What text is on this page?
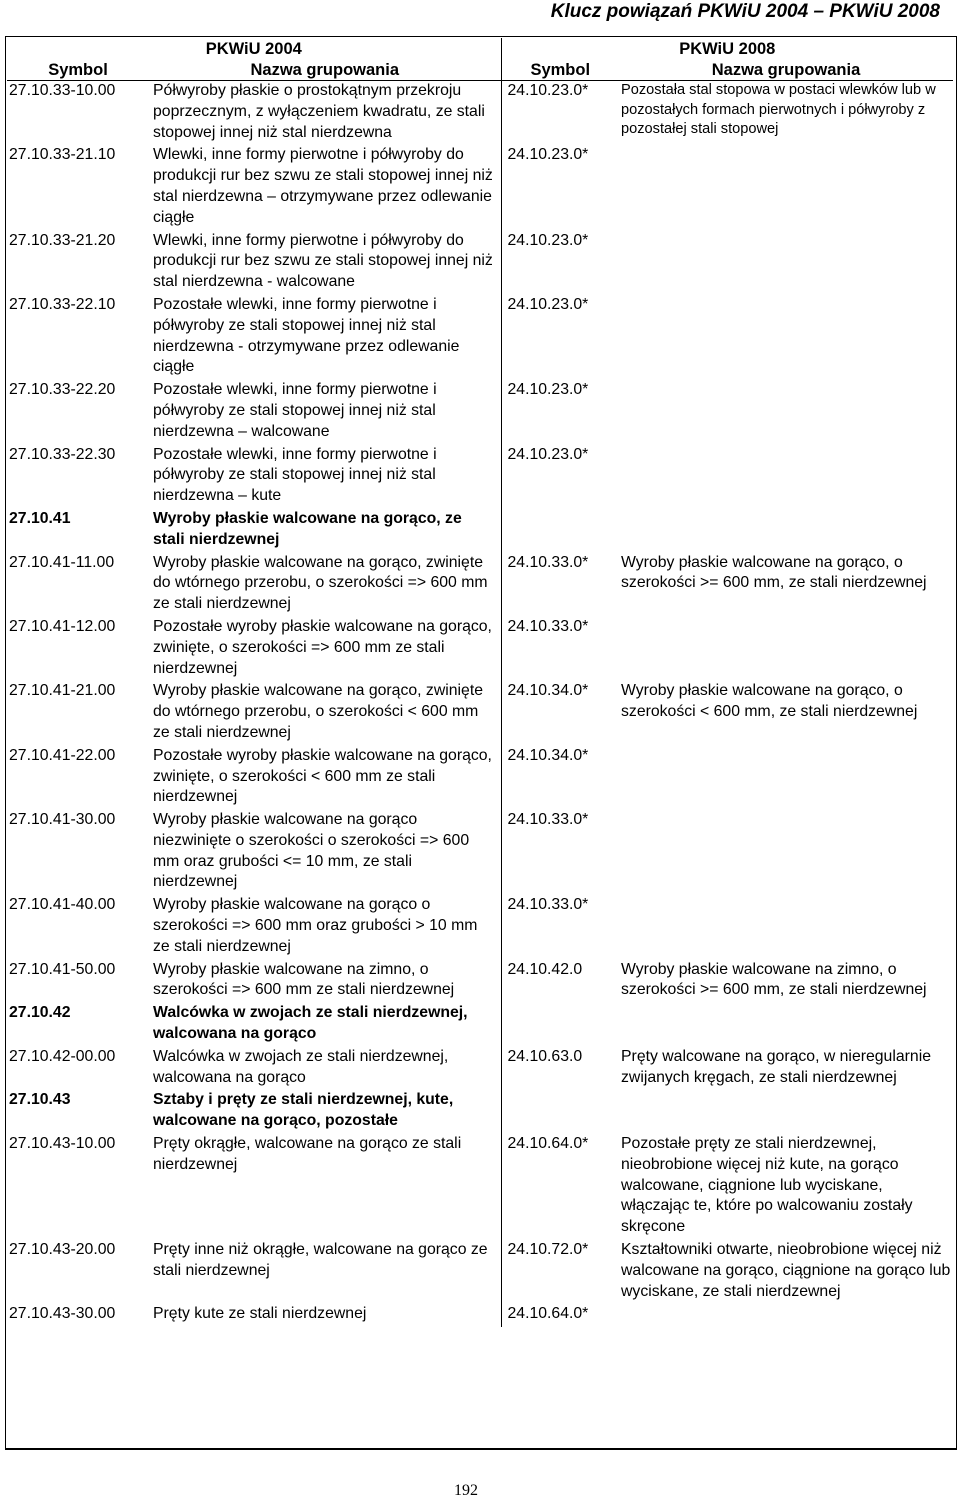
Klucz powiązań PKWiU 2004 – PKWiU 2008
PKWiU 2004		PKWiU 2008	
Symbol	Nazwa grupowania	Symbol	Nazwa grupowania
27.10.33-10.00	Półwyroby płaskie o prostokątnym przekroju poprzecznym, z wyłączeniem kwadratu, ze stali stopowej innej niż stal nierdzewna	24.10.23.0*	Pozostała stal stopowa w postaci wlewków lub w pozostałych formach pierwotnych i półwyroby z pozostałej stali stopowej
27.10.33-21.10	Wlewki, inne formy pierwotne i półwyroby do produkcji rur bez szwu ze stali stopowej innej niż stal nierdzewna – otrzymywane przez odlewanie ciągłe	24.10.23.0*	
27.10.33-21.20	Wlewki, inne formy pierwotne i półwyroby do produkcji rur bez szwu ze stali stopowej innej niż stal nierdzewna - walcowane	24.10.23.0*	
27.10.33-22.10	Pozostałe wlewki, inne formy pierwotne i półwyroby ze stali stopowej innej niż stal nierdzewna - otrzymywane przez odlewanie ciągłe	24.10.23.0*	
27.10.33-22.20	Pozostałe wlewki, inne formy pierwotne i półwyroby ze stali stopowej innej niż stal nierdzewna – walcowane	24.10.23.0*	
27.10.33-22.30	Pozostałe wlewki, inne formy pierwotne i półwyroby ze stali stopowej innej niż stal nierdzewna – kute	24.10.23.0*	
27.10.41	Wyroby płaskie walcowane na gorąco, ze stali nierdzewnej		
27.10.41-11.00	Wyroby płaskie walcowane na gorąco, zwinięte do wtórnego przerobu, o szerokości => 600 mm ze stali nierdzewnej	24.10.33.0*	Wyroby płaskie walcowane na gorąco, o szerokości >= 600 mm, ze stali nierdzewnej
27.10.41-12.00	Pozostałe wyroby płaskie walcowane na gorąco, zwinięte, o szerokości => 600 mm ze stali nierdzewnej	24.10.33.0*	
27.10.41-21.00	Wyroby płaskie walcowane na gorąco, zwinięte do wtórnego przerobu, o szerokości < 600 mm ze stali nierdzewnej	24.10.34.0*	Wyroby płaskie walcowane na gorąco, o szerokości < 600 mm, ze stali nierdzewnej
27.10.41-22.00	Pozostałe wyroby płaskie walcowane na gorąco, zwinięte, o szerokości < 600 mm ze stali nierdzewnej	24.10.34.0*	
27.10.41-30.00	Wyroby płaskie walcowane na gorąco niezwinięte o szerokości o szerokości => 600 mm oraz grubości <= 10 mm, ze stali nierdzewnej	24.10.33.0*	
27.10.41-40.00	Wyroby płaskie walcowane na gorąco o szerokości => 600 mm oraz grubości > 10 mm ze stali nierdzewnej	24.10.33.0*	
27.10.41-50.00	Wyroby płaskie walcowane na zimno, o szerokości => 600 mm ze stali nierdzewnej	24.10.42.0	Wyroby płaskie walcowane na zimno, o szerokości >= 600 mm, ze stali nierdzewnej
27.10.42	Walcówka w zwojach ze stali nierdzewnej, walcowana na gorąco		
27.10.42-00.00	Walcówka w zwojach ze stali nierdzewnej, walcowana na gorąco	24.10.63.0	Pręty walcowane na gorąco, w nieregularnie zwijanych kręgach, ze stali nierdzewnej
27.10.43	Sztaby i pręty ze stali nierdzewnej, kute, walcowane na gorąco, pozostałe		
27.10.43-10.00	Pręty okrągłe, walcowane na gorąco ze stali nierdzewnej	24.10.64.0*	Pozostałe pręty ze stali nierdzewnej, nieobrobione więcej niż kute, na gorąco walcowane, ciągnione lub wyciskane, włączając te, które po walcowaniu zostały skręcone
27.10.43-20.00	Pręty inne niż okrągłe, walcowane na gorąco ze stali nierdzewnej	24.10.72.0*	Kształtowniki otwarte, nieobrobione więcej niż walcowane na gorąco, ciągnione na gorąco lub wyciskane, ze stali nierdzewnej
27.10.43-30.00	Pręty kute ze stali nierdzewnej	24.10.64.0*	
192
